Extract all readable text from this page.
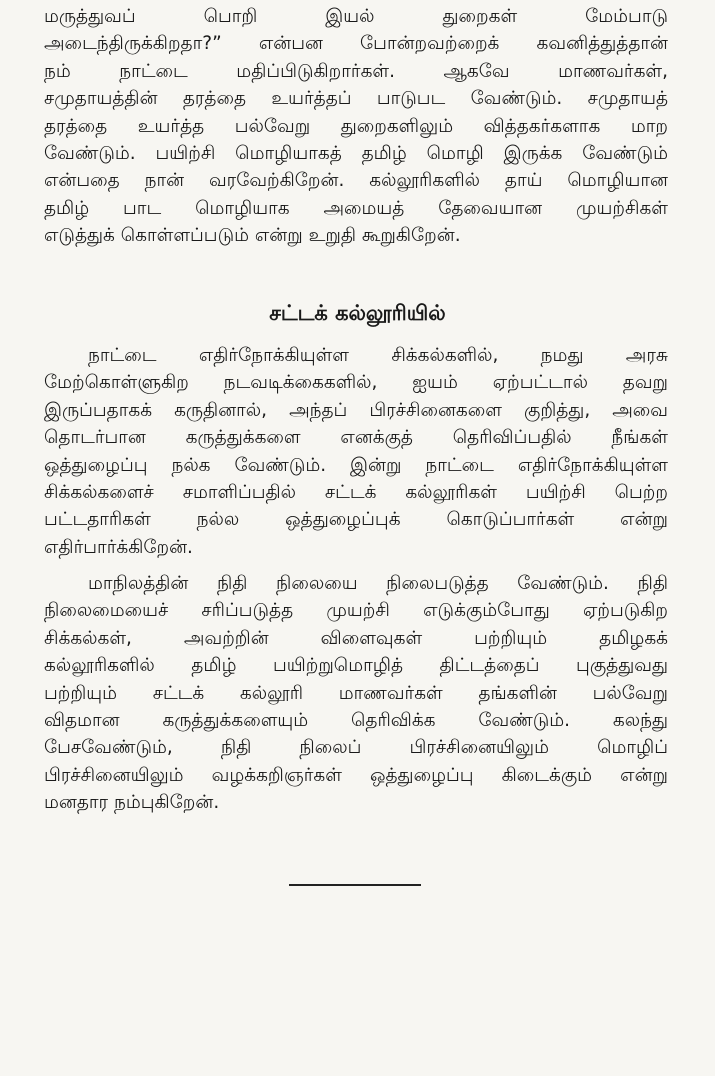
மருத்துவப் பொறி இயல் துறைகள் மேம்பாடு
அடைந்திருக்கிறதா?” என்பன போன்றவற்றைக் கவனித்துத்தான்
நம் நாட்டை மதிப்பிடுகிறார்கள். ஆகவே மாணவர்கள்,
சமுதாயத்தின் தரத்தை உயர்த்தப் பாடுபட வேண்டும். சமுதாயத்
தரத்தை உயர்த்த பல்வேறு துறைகளிலும் வித்தகர்களாக மாற
வேண்டும். பயிற்சி மொழியாகத் தமிழ் மொழி இருக்க வேண்டும்
என்பதை நான் வரவேற்கிறேன். கல்லூரிகளில் தாய் மொழியான
தமிழ் பாட மொழியாக அமையத் தேவையான முயற்சிகள்
எடுத்துக் கொள்ளப்படும் என்று உறுதி கூறுகிறேன்.
சட்டக் கல்லூரியில்
நாட்டை எதிர்நோக்கியுள்ள சிக்கல்களில், நமது அரசு
மேற்கொள்ளுகிற நடவடிக்கைகளில், ஐயம் ஏற்பட்டால் தவறு
இருப்பதாகக் கருதினால், அந்தப் பிரச்சினைகளை குறித்து, அவை
தொடர்பான கருத்துக்களை எனக்குத் தெரிவிப்பதில் நீங்கள்
ஒத்துழைப்பு நல்க வேண்டும். இன்று நாட்டை எதிர்நோக்கியுள்ள
சிக்கல்களைச் சமாளிப்பதில் சட்டக் கல்லூரிகள் பயிற்சி பெற்ற
பட்டதாரிகள் நல்ல ஒத்துழைப்புக் கொடுப்பார்கள் என்று
எதிர்பார்க்கிறேன்.
மாநிலத்தின் நிதி நிலையை நிலைபடுத்த வேண்டும். நிதி
நிலைமையைச் சரிப்படுத்த முயற்சி எடுக்கும்போது ஏற்படுகிற
சிக்கல்கள், அவற்றின் விளைவுகள் பற்றியும் தமிழகக்
கல்லூரிகளில் தமிழ் பயிற்றுமொழித் திட்டத்தைப் புகுத்துவது
பற்றியும் சட்டக் கல்லூரி மாணவர்கள் தங்களின் பல்வேறு
விதமான கருத்துக்களையும் தெரிவிக்க வேண்டும். கலந்து
பேசவேண்டும், நிதி நிலைப் பிரச்சினையிலும் மொழிப்
பிரச்சினையிலும் வழக்கறிஞர்கள் ஒத்துழைப்பு கிடைக்கும் என்று
மனதார நம்புகிறேன்.
